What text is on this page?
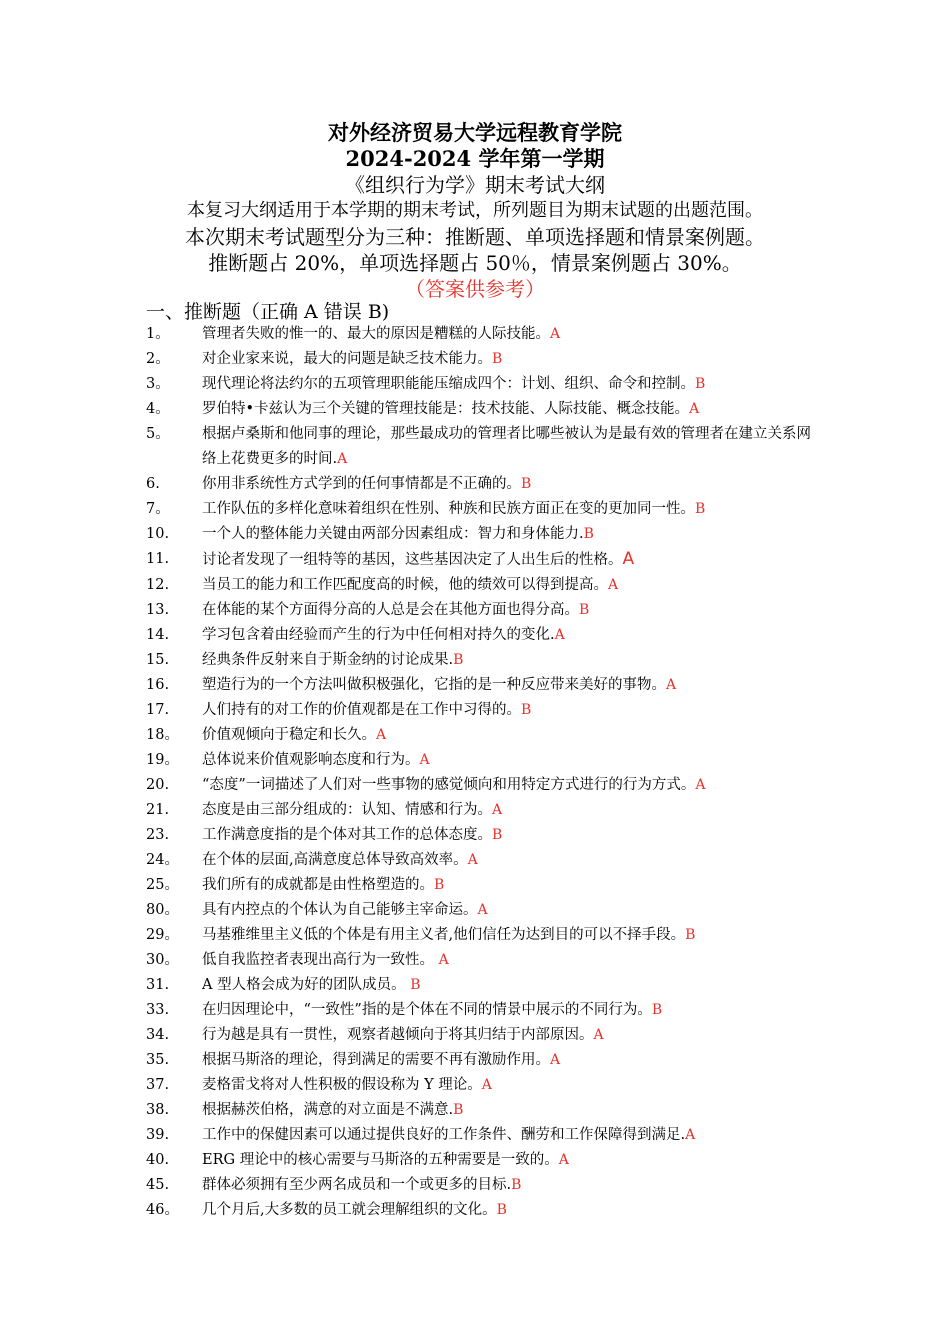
对外经济贸易大学远程教育学院
2024-2024 学年第一学期
《组织行为学》期末考试大纲
本复习大纲适用于本学期的期末考试，所列题目为期末试题的出题范围。
本次期末考试题型分为三种：推断题、单项选择题和情景案例题。
推断题占 20%，单项选择题占 50％，情景案例题占 30%。
（答案供参考）
一、推断题（正确 A 错误 B)
1。	管理者失败的惟一的、最大的原因是糟糕的人际技能。A
2。	对企业家来说，最大的问题是缺乏技术能力。B
3。	现代理论将法约尔的五项管理职能能压缩成四个：计划、组织、命令和控制。B
4。	罗伯特•卡兹认为三个关键的管理技能是：技术技能、人际技能、概念技能。A
5。	根据卢桑斯和他同事的理论，那些最成功的管理者比哪些被认为是最有效的管理者在建立关系网络上花费更多的时间.A
6.	你用非系统性方式学到的任何事情都是不正确的。B
7。	工作队伍的多样化意味着组织在性别、种族和民族方面正在变的更加同一性。B
10.	一个人的整体能力关键由两部分因素组成：智力和身体能力.B
11.	讨论者发现了一组特等的基因，这些基因决定了人出生后的性格。A
12.	当员工的能力和工作匹配度高的时候，他的绩效可以得到提高。A
13.	在体能的某个方面得分高的人总是会在其他方面也得分高。B
14.	学习包含着由经验而产生的行为中任何相对持久的变化.A
15.	经典条件反射来自于斯金纳的讨论成果.B
16.	塑造行为的一个方法叫做积极强化，它指的是一种反应带来美好的事物。A
17.	人们持有的对工作的价值观都是在工作中习得的。B
18。	价值观倾向于稳定和长久。A
19。	总体说来价值观影响态度和行为。A
20.	“态度”一词描述了人们对一些事物的感觉倾向和用特定方式进行的行为方式。A
21.	态度是由三部分组成的：认知、情感和行为。A
23.	工作满意度指的是个体对其工作的总体态度。B
24。	在个体的层面,高满意度总体导致高效率。A
25。	我们所有的成就都是由性格塑造的。B
80。	具有内控点的个体认为自己能够主宰命运。A
29。	马基雅维里主义低的个体是有用主义者,他们信任为达到目的可以不择手段。B
30。	低自我监控者表现出高行为一致性。 A
31.	A 型人格会成为好的团队成员。 B
33.	在归因理论中，“一致性”指的是个体在不同的情景中展示的不同行为。B
34.	行为越是具有一贯性，观察者越倾向于将其归结于内部原因。A
35.	根据马斯洛的理论，得到满足的需要不再有激励作用。A
37.	麦格雷戈将对人性积极的假设称为 Y 理论。A
38.	根据赫茨伯格，满意的对立面是不满意.B
39.	工作中的保健因素可以通过提供良好的工作条件、酬劳和工作保障得到满足.A
40.	ERG 理论中的核心需要与马斯洛的五种需要是一致的。A
45.	群体必须拥有至少两名成员和一个或更多的目标.B
46。	几个月后,大多数的员工就会理解组织的文化。B
